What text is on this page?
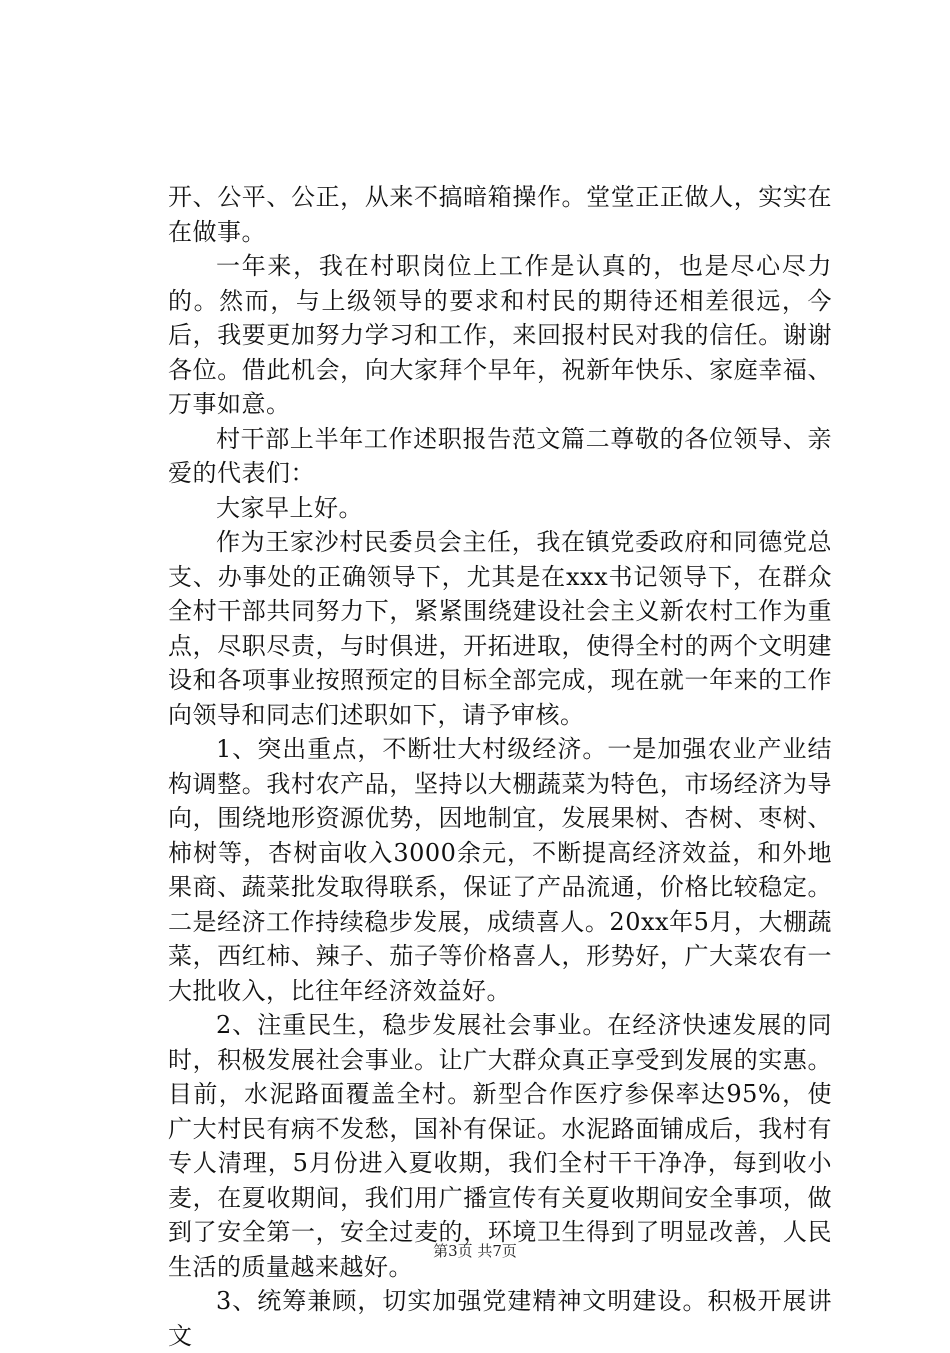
开、公平、公正，从来不搞暗箱操作。堂堂正正做人，实实在在做事。

一年来，我在村职岗位上工作是认真的，也是尽心尽力的。然而，与上级领导的要求和村民的期待还相差很远，今后，我要更加努力学习和工作，来回报村民对我的信任。谢谢各位。借此机会，向大家拜个早年，祝新年快乐、家庭幸福、万事如意。

村干部上半年工作述职报告范文篇二尊敬的各位领导、亲爱的代表们：

大家早上好。

作为王家沙村民委员会主任，我在镇党委政府和同德党总支、办事处的正确领导下，尤其是在xxx书记领导下，在群众全村干部共同努力下，紧紧围绕建设社会主义新农村工作为重点，尽职尽责，与时俱进，开拓进取，使得全村的两个文明建设和各项事业按照预定的目标全部完成，现在就一年来的工作向领导和同志们述职如下，请予审核。

1、突出重点，不断壮大村级经济。一是加强农业产业结构调整。我村农产品，坚持以大棚蔬菜为特色，市场经济为导向，围绕地形资源优势，因地制宜，发展果树、杏树、枣树、柿树等，杏树亩收入3000余元，不断提高经济效益，和外地果商、蔬菜批发取得联系，保证了产品流通，价格比较稳定。二是经济工作持续稳步发展，成绩喜人。20xx年5月，大棚蔬菜，西红柿、辣子、茄子等价格喜人，形势好，广大菜农有一大批收入，比往年经济效益好。

2、注重民生，稳步发展社会事业。在经济快速发展的同时，积极发展社会事业。让广大群众真正享受到发展的实惠。目前，水泥路面覆盖全村。新型合作医疗参保率达95%，使广大村民有病不发愁，国补有保证。水泥路面铺成后，我村有专人清理，5月份进入夏收期，我们全村干干净净，每到收小麦，在夏收期间，我们用广播宣传有关夏收期间安全事项，做到了安全第一，安全过麦的，环境卫生得到了明显改善，人民生活的质量越来越好。

3、统筹兼顾，切实加强党建精神文明建设。积极开展讲文

第3页 共7页
